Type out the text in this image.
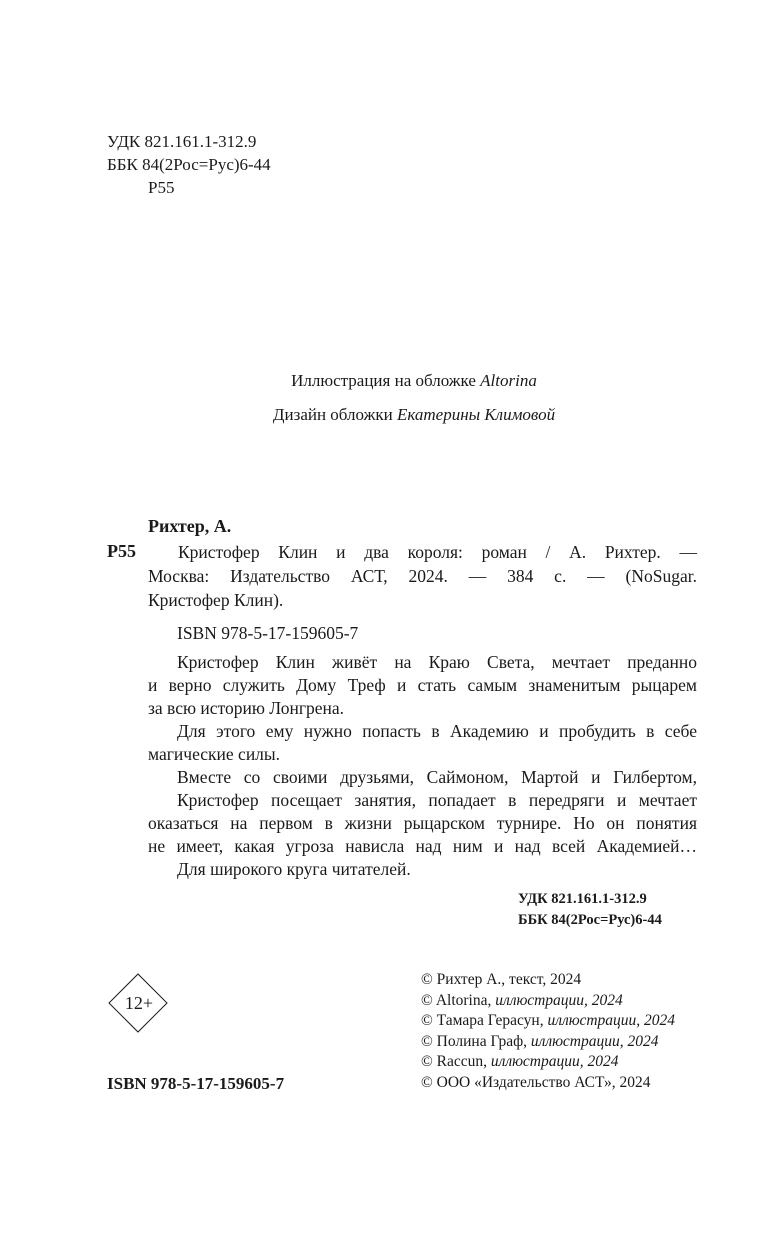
УДК 821.161.1-312.9
ББК 84(2Рос=Рус)6-44
Р55
Иллюстрация на обложке Altorina
Дизайн обложки Екатерины Климовой
Рихтер, А.
Р55 Кристофер Клин и два короля: роман / А. Рихтер. —
Москва: Издательство АСТ, 2024. — 384 с. — (NoSugar.
Кристофер Клин).
ISBN 978-5-17-159605-7
Кристофер Клин живёт на Краю Света, мечтает преданно
и верно служить Дому Треф и стать самым знаменитым рыцарем
за всю историю Лонгрена.
Для этого ему нужно попасть в Академию и пробудить в себе
магические силы.
Вместе со своими друзьями, Саймоном, Мартой и Гилбертом,
Кристофер посещает занятия, попадает в передряги и мечтает
оказаться на первом в жизни рыцарском турнире. Но он понятия
не имеет, какая угроза нависла над ним и над всей Академией…
Для широкого круга читателей.
УДК 821.161.1-312.9
ББК 84(2Рос=Рус)6-44
12+
ISBN 978-5-17-159605-7
© Рихтер А., текст, 2024
© Altorina, иллюстрации, 2024
© Тамара Герасун, иллюстрации, 2024
© Полина Граф, иллюстрации, 2024
© Raccun, иллюстрации, 2024
© ООО «Издательство АСТ», 2024
